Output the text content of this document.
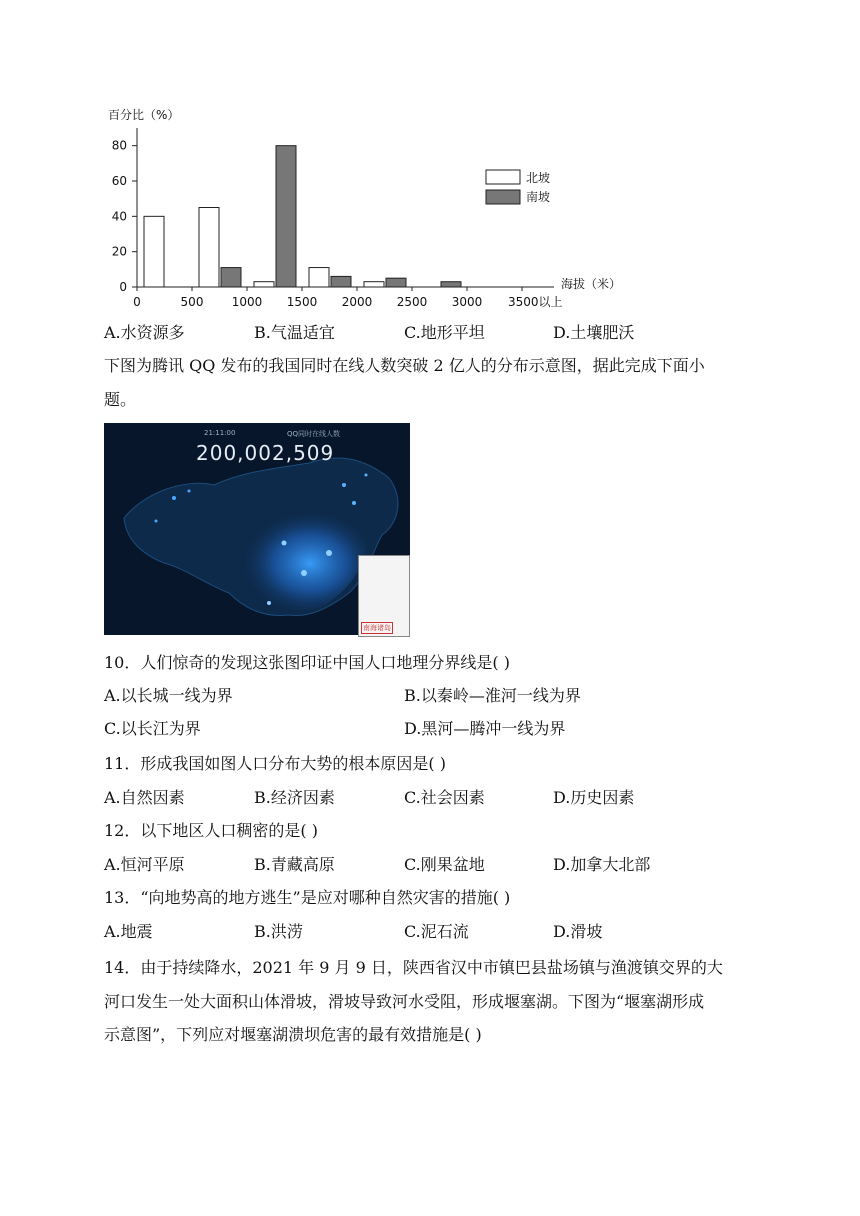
百分比（%）
0
20
40
60
80
0	500 1000 1500 2000 2500 3000 3500以上
海拔（米）
北坡
南坡
A.水资源多	B.气温适宜	C.地形平坦	D.土壤肥沃
下图为腾讯 QQ 发布的我国同时在线人数突破 2 亿人的分布示意图，据此完成下面小
题。
21:11:00	QQ同时在线人数
200,002,509
南海诸岛
10．人们惊奇的发现这张图印证中国人口地理分界线是( )
A.以长城一线为界	B.以秦岭—淮河一线为界
C.以长江为界	D.黑河—腾冲一线为界
11．形成我国如图人口分布大势的根本原因是( )
A.自然因素	B.经济因素	C.社会因素	D.历史因素
12．以下地区人口稠密的是( )
A.恒河平原	B.青藏高原	C.刚果盆地	D.加拿大北部
13．“向地势高的地方逃生”是应对哪种自然灾害的措施( )
A.地震	B.洪涝	C.泥石流	D.滑坡
14．由于持续降水，2021 年 9 月 9 日，陕西省汉中市镇巴县盐场镇与渔渡镇交界的大
河口发生一处大面积山体滑坡，滑坡导致河水受阻，形成堰塞湖。下图为“堰塞湖形成
示意图”，下列应对堰塞湖溃坝危害的最有效措施是( )
